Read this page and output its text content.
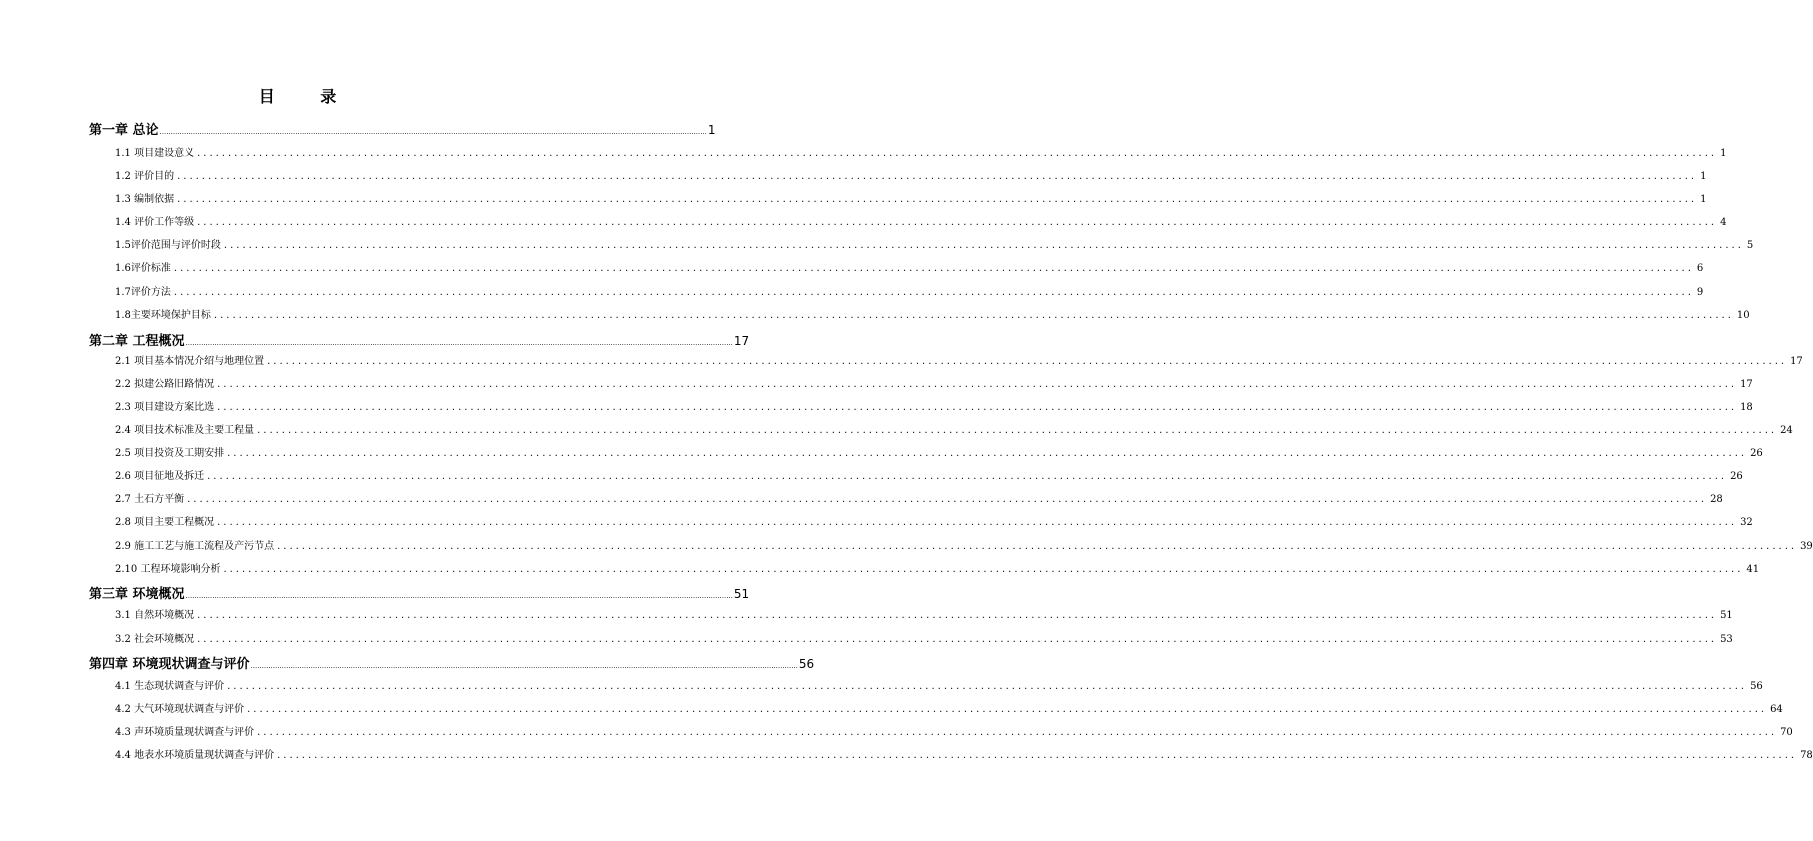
目 录
第一章 总论 ...................................................................................................................................................................................................................................................... 1
1.1 项目建设意义 ...................................................................................................................................................................................................................................................... 1
1.2 评价目的 ...................................................................................................................................................................................................................................................... 1
1.3 编制依据 ...................................................................................................................................................................................................................................................... 1
1.4 评价工作等级 ...................................................................................................................................................................................................................................................... 4
1.5评价范围与评价时段 ...................................................................................................................................................................................................................................................... 5
1.6评价标准 ...................................................................................................................................................................................................................................................... 6
1.7评价方法 ...................................................................................................................................................................................................................................................... 9
1.8主要环境保护目标 ...................................................................................................................................................................................................................................................... 10
第二章 工程概况 ...................................................................................................................................................................................................................................................... 17
2.1 项目基本情况介绍与地理位置 ...................................................................................................................................................................................................................................................... 17
2.2 拟建公路旧路情况 ...................................................................................................................................................................................................................................................... 17
2.3 项目建设方案比选 ...................................................................................................................................................................................................................................................... 18
2.4 项目技术标准及主要工程量 ...................................................................................................................................................................................................................................................... 24
2.5 项目投资及工期安排 ...................................................................................................................................................................................................................................................... 26
2.6 项目征地及拆迁 ...................................................................................................................................................................................................................................................... 26
2.7 土石方平衡 ...................................................................................................................................................................................................................................................... 28
2.8 项目主要工程概况 ...................................................................................................................................................................................................................................................... 32
2.9 施工工艺与施工流程及产污节点 ...................................................................................................................................................................................................................................................... 39
2.10 工程环境影响分析 ...................................................................................................................................................................................................................................................... 41
第三章 环境概况 ...................................................................................................................................................................................................................................................... 51
3.1 自然环境概况 ...................................................................................................................................................................................................................................................... 51
3.2 社会环境概况 ...................................................................................................................................................................................................................................................... 53
第四章 环境现状调查与评价 ...................................................................................................................................................................................................................................................... 56
4.1 生态现状调查与评价 ...................................................................................................................................................................................................................................................... 56
4.2 大气环境现状调查与评价 ...................................................................................................................................................................................................................................................... 64
4.3 声环境质量现状调查与评价 ...................................................................................................................................................................................................................................................... 70
4.4 地表水环境质量现状调查与评价 ...................................................................................................................................................................................................................................................... 78
